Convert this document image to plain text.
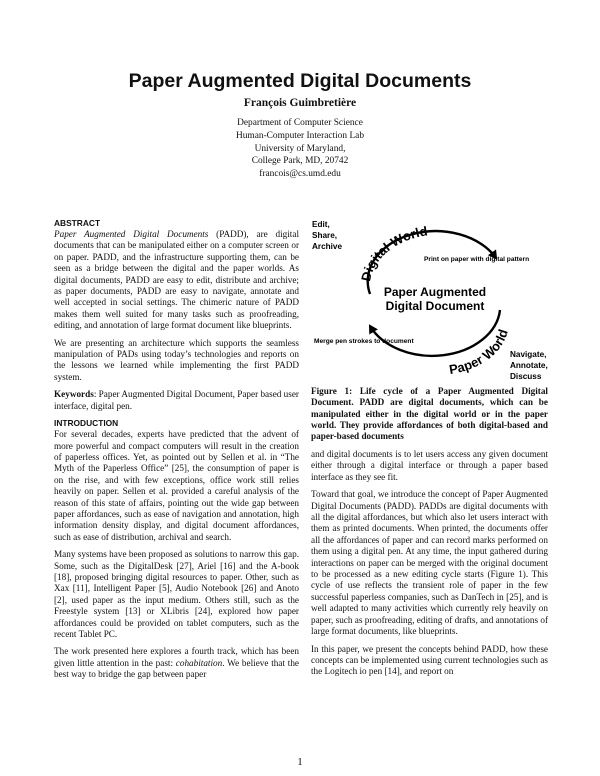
Paper Augmented Digital Documents
François Guimbretière
Department of Computer Science
Human-Computer Interaction Lab
University of Maryland,
College Park, MD, 20742
francois@cs.umd.edu
ABSTRACT

Paper Augmented Digital Documents (PADD), are digital documents that can be manipulated either on a computer screen or on paper. PADD, and the infrastructure supporting them, can be seen as a bridge between the digital and the paper worlds. As digital documents, PADD are easy to edit, distribute and archive; as paper documents, PADD are easy to navigate, annotate and well accepted in social settings. The chimeric nature of PADD makes them well suited for many tasks such as proofreading, editing, and annotation of large format document like blueprints.

We are presenting an architecture which supports the seamless manipulation of PADs using today’s technologies and reports on the lessons we learned while implementing the first PADD system.

Keywords: Paper Augmented Digital Document, Paper based user interface, digital pen.

INTRODUCTION

For several decades, experts have predicted that the advent of more powerful and compact computers will result in the creation of paperless offices. Yet, as pointed out by Sellen et al. in “The Myth of the Paperless Office” [25], the consumption of paper is on the rise, and with few exceptions, office work still relies heavily on paper. Sellen et al. provided a careful analysis of the reason of this state of affairs, pointing out the wide gap between paper affordances, such as ease of navigation and annotation, high information density display, and digital document affordances, such as ease of distribution, archival and search.

Many systems have been proposed as solutions to narrow this gap. Some, such as the DigitalDesk [27], Ariel [16] and the A-book [18], proposed bringing digital resources to paper. Other, such as Xax [11], Intelligent Paper [5], Audio Notebook [26] and Anoto [2], used paper as the input medium. Others still, such as the Freestyle system [13] or XLibris [24], explored how paper affordances could be provided on tablet computers, such as the recent Tablet PC.

The work presented here explores a fourth track, which has been given little attention in the past: cohabitation. We believe that the best way to bridge the gap between paper

Edit,
Share,
Archive
Digital World
Print on paper with digital pattern
Paper Augmented
Digital Document
Merge pen strokes to document
Paper World
Navigate,
Annotate,
Discuss
Figure 1: Life cycle of a Paper Augmented Digital Document. PADD are digital documents, which can be manipulated either in the digital world or in the paper world. They provide affordances of both digital-based and paper-based documents

and digital documents is to let users access any given document either through a digital interface or through a paper based interface as they see fit.

Toward that goal, we introduce the concept of Paper Augmented Digital Documents (PADD). PADDs are digital documents with all the digital affordances, but which also let users interact with them as printed documents. When printed, the documents offer all the affordances of paper and can record marks performed on them using a digital pen. At any time, the input gathered during interactions on paper can be merged with the original document to be processed as a new editing cycle starts (Figure 1). This cycle of use reflects the transient role of paper in the few successful paperless companies, such as DanTech in [25], and is well adapted to many activities which currently rely heavily on paper, such as proofreading, editing of drafts, and annotations of large format documents, like blueprints.

In this paper, we present the concepts behind PADD, how these concepts can be implemented using current technologies such as the Logitech io pen [14], and report on

1
